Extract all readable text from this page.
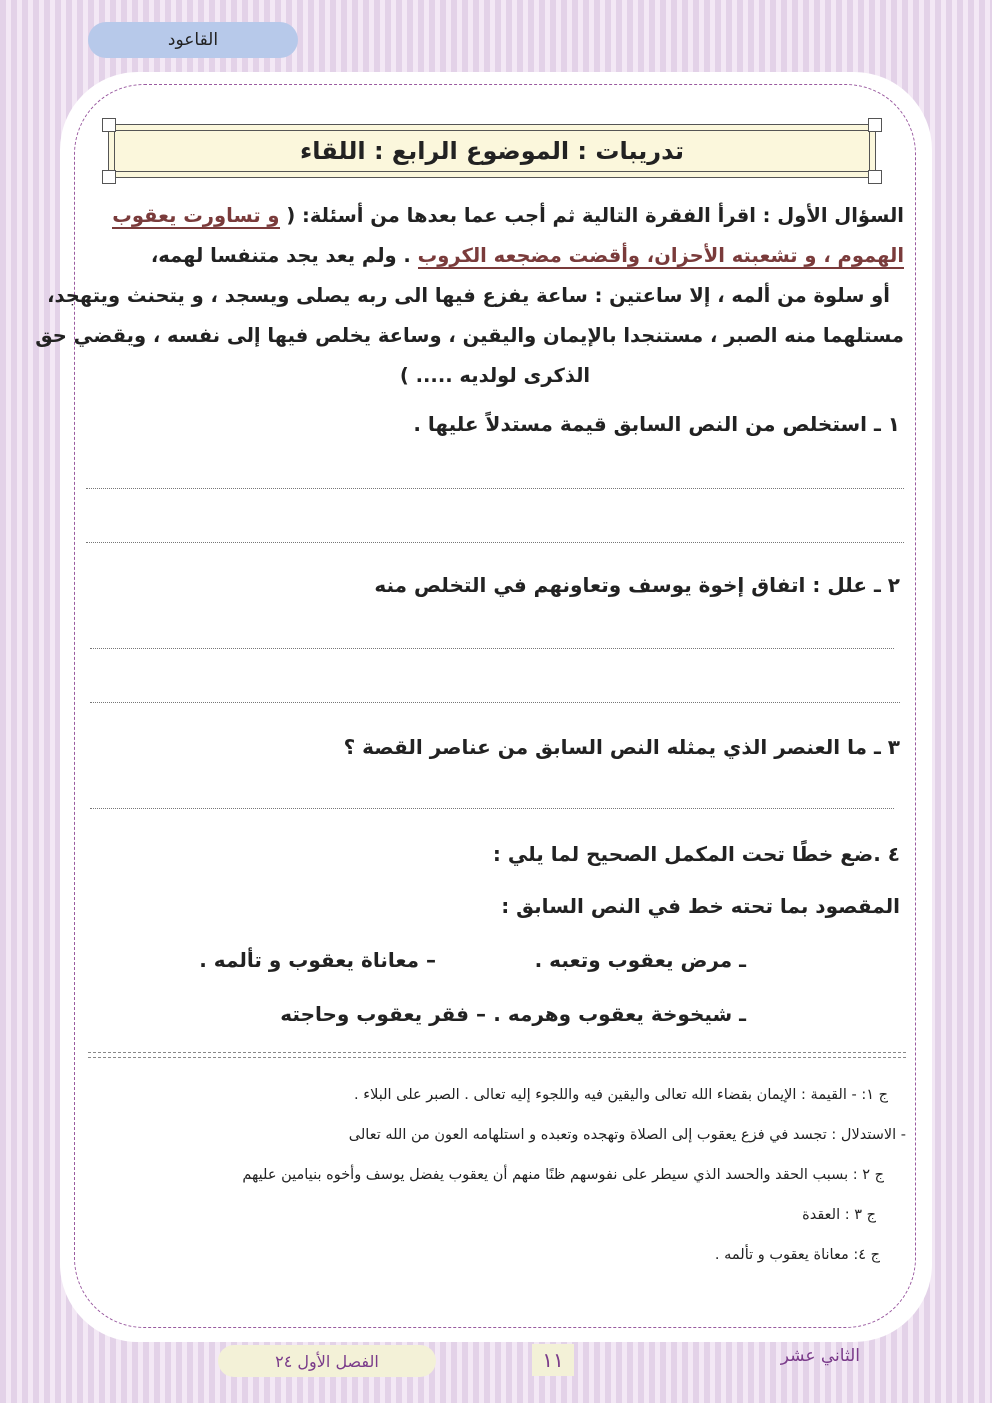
القاعود
تدريبات : الموضوع الرابع : اللقاء
السؤال الأول : اقرأ الفقرة التالية ثم أجب عما بعدها من أسئلة: ( و تساورت يعقوب
الهموم ، و تشعبته الأحزان، وأقضت مضجعه الكروب . ولم يعد يجد متنفسا لهمه،
أو سلوة من ألمه ، إلا ساعتين : ساعة يفزع فيها الى ربه يصلى ويسجد ، و يتحنث ويتهجد،
مستلهما منه الصبر ، مستنجدا بالإيمان واليقين ، وساعة يخلص فيها إلى نفسه ، ويقضي حق
الذكرى لولديه ..... )
١ ـ استخلص من النص السابق قيمة مستدلاً عليها .
٢ ـ علل : اتفاق إخوة يوسف وتعاونهم في التخلص منه
٣ ـ ما العنصر الذي يمثله النص السابق من عناصر القصة ؟
٤ .ضع خطًا تحت المكمل الصحيح لما يلي :
المقصود بما تحته خط في النص السابق :
ـ مرض يعقوب وتعبه .
– معاناة يعقوب و تألمه .
ـ شيخوخة يعقوب وهرمه .
– فقر يعقوب وحاجته
ج ١: - القيمة : الإيمان بقضاء الله تعالى واليقين فيه واللجوء إليه تعالى . الصبر على البلاء .
- الاستدلال : تجسد في فزع يعقوب إلى الصلاة وتهجده وتعبده و استلهامه العون من الله تعالى
ج ٢ : بسبب الحقد والحسد الذي سيطر على نفوسهم ظنًا منهم أن يعقوب يفضل يوسف وأخوه بنيامين عليهم
ج ٣ : العقدة
ج ٤: معاناة يعقوب و تألمه .
الفصل الأول ٢٤	١١	الثاني عشر
